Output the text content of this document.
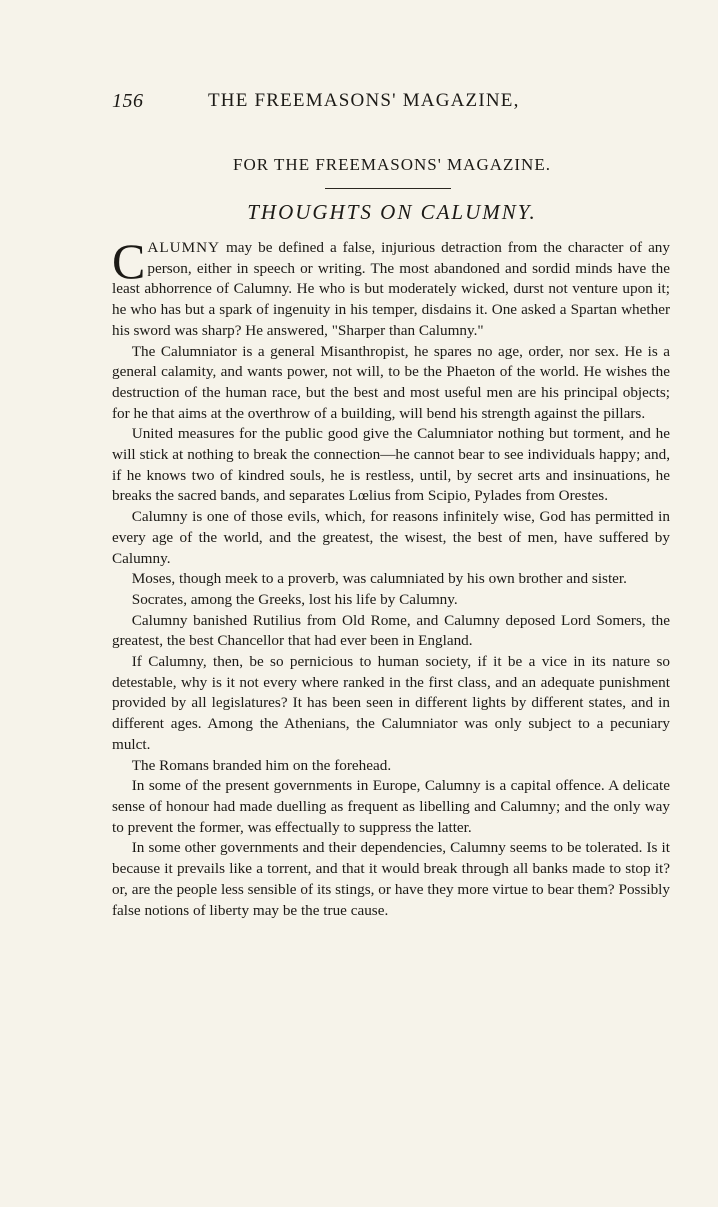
156	THE FREEMASONS' MAGAZINE,
FOR THE FREEMASONS' MAGAZINE.
THOUGHTS ON CALUMNY.

CALUMNY may be defined a false, injurious detraction from the character of any person, either in speech or writing. The most abandoned and sordid minds have the least abhorrence of Calumny. He who is but moderately wicked, durst not venture upon it; he who has but a spark of ingenuity in his temper, disdains it. One asked a Spartan whether his sword was sharp? He answered, "Sharper than Calumny."

The Calumniator is a general Misanthropist, he spares no age, order, nor sex. He is a general calamity, and wants power, not will, to be the Phaeton of the world. He wishes the destruction of the human race, but the best and most useful men are his principal objects; for he that aims at the overthrow of a building, will bend his strength against the pillars.

United measures for the public good give the Calumniator nothing but torment, and he will stick at nothing to break the connection—he cannot bear to see individuals happy; and, if he knows two of kindred souls, he is restless, until, by secret arts and insinuations, he breaks the sacred bands, and separates Lœlius from Scipio, Pylades from Orestes.

Calumny is one of those evils, which, for reasons infinitely wise, God has permitted in every age of the world, and the greatest, the wisest, the best of men, have suffered by Calumny.

Moses, though meek to a proverb, was calumniated by his own brother and sister.

Socrates, among the Greeks, lost his life by Calumny.

Calumny banished Rutilius from Old Rome, and Calumny deposed Lord Somers, the greatest, the best Chancellor that had ever been in England.

If Calumny, then, be so pernicious to human society, if it be a vice in its nature so detestable, why is it not every where ranked in the first class, and an adequate punishment provided by all legislatures? It has been seen in different lights by different states, and in different ages. Among the Athenians, the Calumniator was only subject to a pecuniary mulct.

The Romans branded him on the forehead.

In some of the present governments in Europe, Calumny is a capital offence. A delicate sense of honour had made duelling as frequent as libelling and Calumny; and the only way to prevent the former, was effectually to suppress the latter.

In some other governments and their dependencies, Calumny seems to be tolerated. Is it because it prevails like a torrent, and that it would break through all banks made to stop it? or, are the people less sensible of its stings, or have they more virtue to bear them? Possibly false notions of liberty may be the true cause.
